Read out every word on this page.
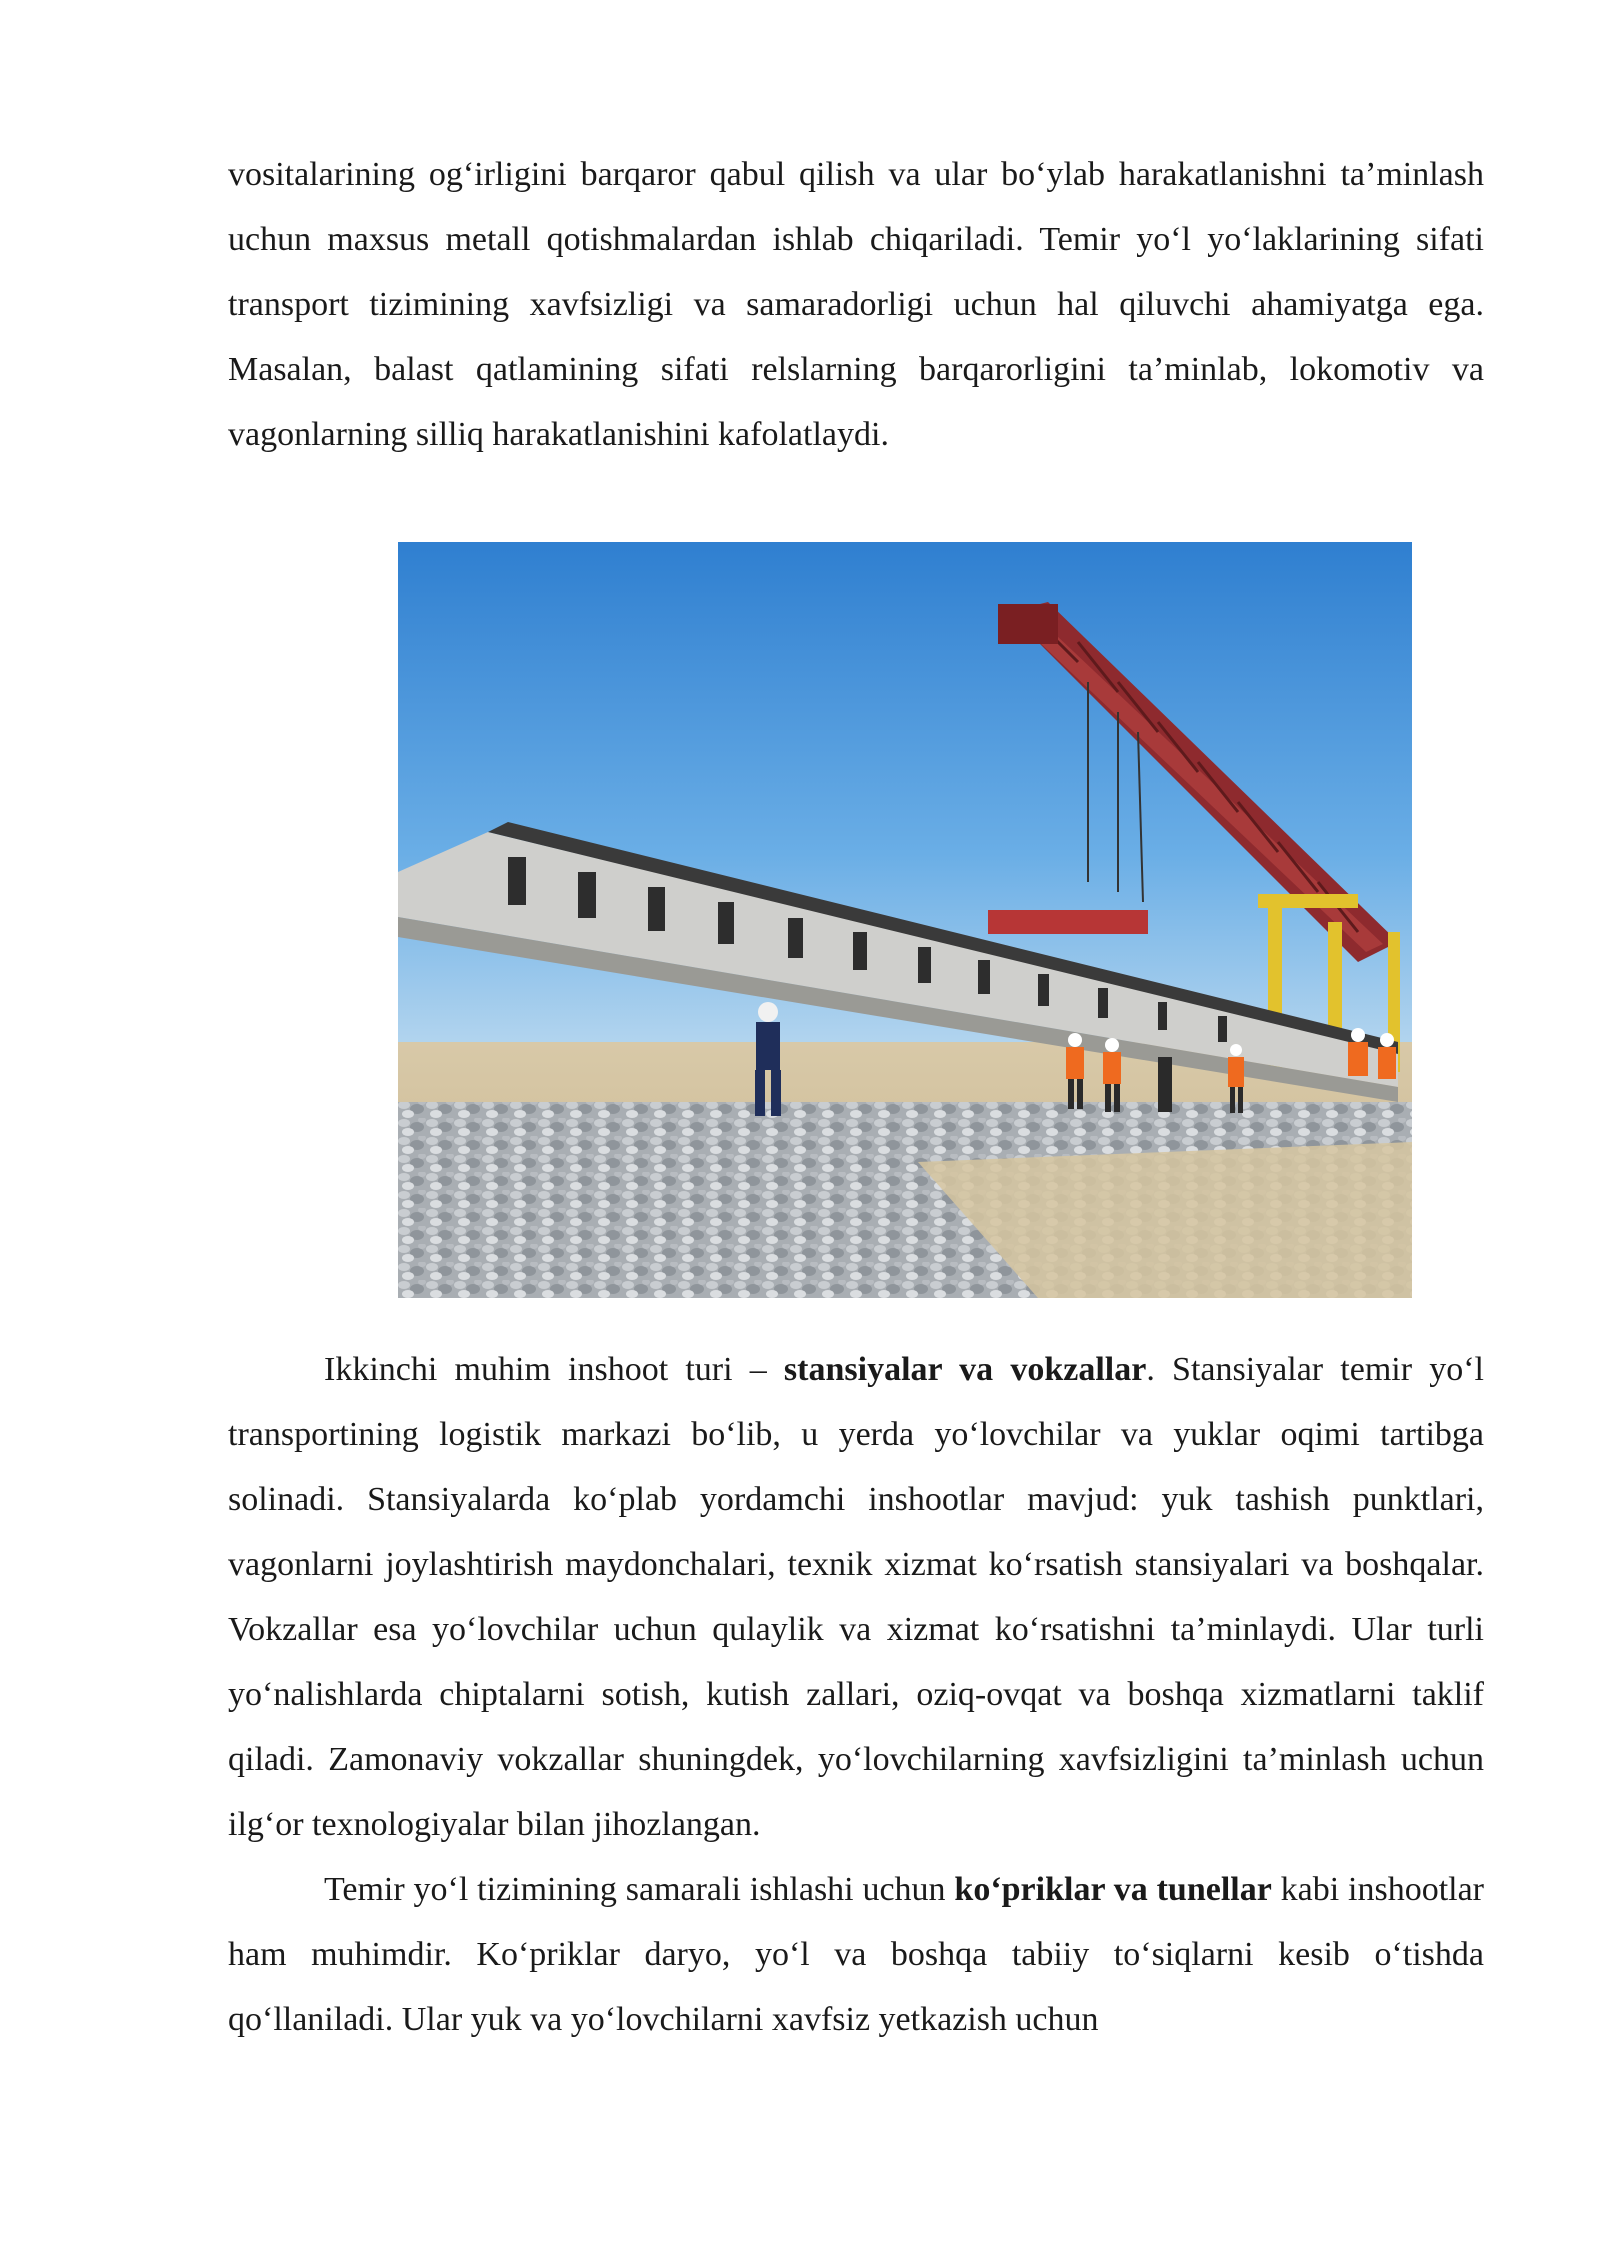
vositalarining og‘irligini barqaror qabul qilish va ular bo‘ylab harakatlanishni ta’minlash uchun maxsus metall qotishmalardan ishlab chiqariladi. Temir yo‘l yo‘laklarining sifati transport tizimining xavfsizligi va samaradorligi uchun hal qiluvchi ahamiyatga ega. Masalan, balast qatlamining sifati relslarning barqarorligini ta’minlab, lokomotiv va vagonlarning silliq harakatlanishini kafolatlaydi.

Ikkinchi muhim inshoot turi – stansiyalar va vokzallar. Stansiyalar temir yo‘l transportining logistik markazi bo‘lib, u yerda yo‘lovchilar va yuklar oqimi tartibga solinadi. Stansiyalarda ko‘plab yordamchi inshootlar mavjud: yuk tashish punktlari, vagonlarni joylashtirish maydonchalari, texnik xizmat ko‘rsatish stansiyalari va boshqalar. Vokzallar esa yo‘lovchilar uchun qulaylik va xizmat ko‘rsatishni ta’minlaydi. Ular turli yo‘nalishlarda chiptalarni sotish, kutish zallari, oziq-ovqat va boshqa xizmatlarni taklif qiladi. Zamonaviy vokzallar shuningdek, yo‘lovchilarning xavfsizligini ta’minlash uchun ilg‘or texnologiyalar bilan jihozlangan.

Temir yo‘l tizimining samarali ishlashi uchun ko‘priklar va tunellar kabi inshootlar ham muhimdir. Ko‘priklar daryo, yo‘l va boshqa tabiiy to‘siqlarni kesib o‘tishda qo‘llaniladi. Ular yuk va yo‘lovchilarni xavfsiz yetkazish uchun
